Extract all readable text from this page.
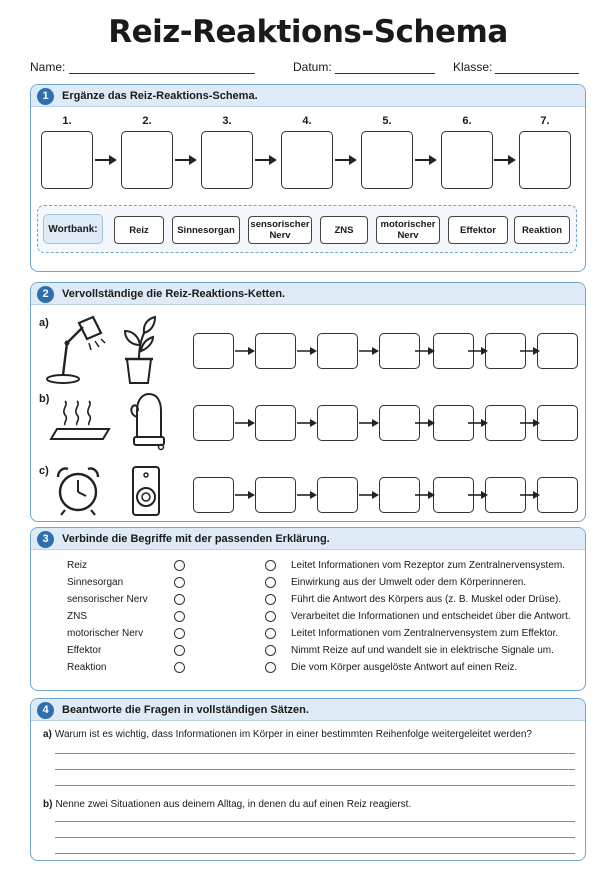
Reiz-Reaktions-Schema
Name:	Datum:	Klasse:
1	Ergänze das Reiz-Reaktions-Schema.
1.	2.	3.	4.	5.	6.	7.
Wortbank:	Reiz	Sinnesorgan	sensorischer Nerv	ZNS	motorischer Nerv	Effektor	Reaktion
2	Vervollständige die Reiz-Reaktions-Ketten.
a)
b)
c)
3	Verbinde die Begriffe mit der passenden Erklärung.
Reiz	Leitet Informationen vom Rezeptor zum Zentralnervensystem.
Sinnesorgan	Einwirkung aus der Umwelt oder dem Körperinneren.
sensorischer Nerv	Führt die Antwort des Körpers aus (z. B. Muskel oder Drüse).
ZNS	Verarbeitet die Informationen und entscheidet über die Antwort.
motorischer Nerv	Leitet Informationen vom Zentralnervensystem zum Effektor.
Effektor	Nimmt Reize auf und wandelt sie in elektrische Signale um.
Reaktion	Die vom Körper ausgelöste Antwort auf einen Reiz.
4	Beantworte die Fragen in vollständigen Sätzen.
a) Warum ist es wichtig, dass Informationen im Körper in einer bestimmten Reihenfolge weitergeleitet werden?
b) Nenne zwei Situationen aus deinem Alltag, in denen du auf einen Reiz reagierst.
